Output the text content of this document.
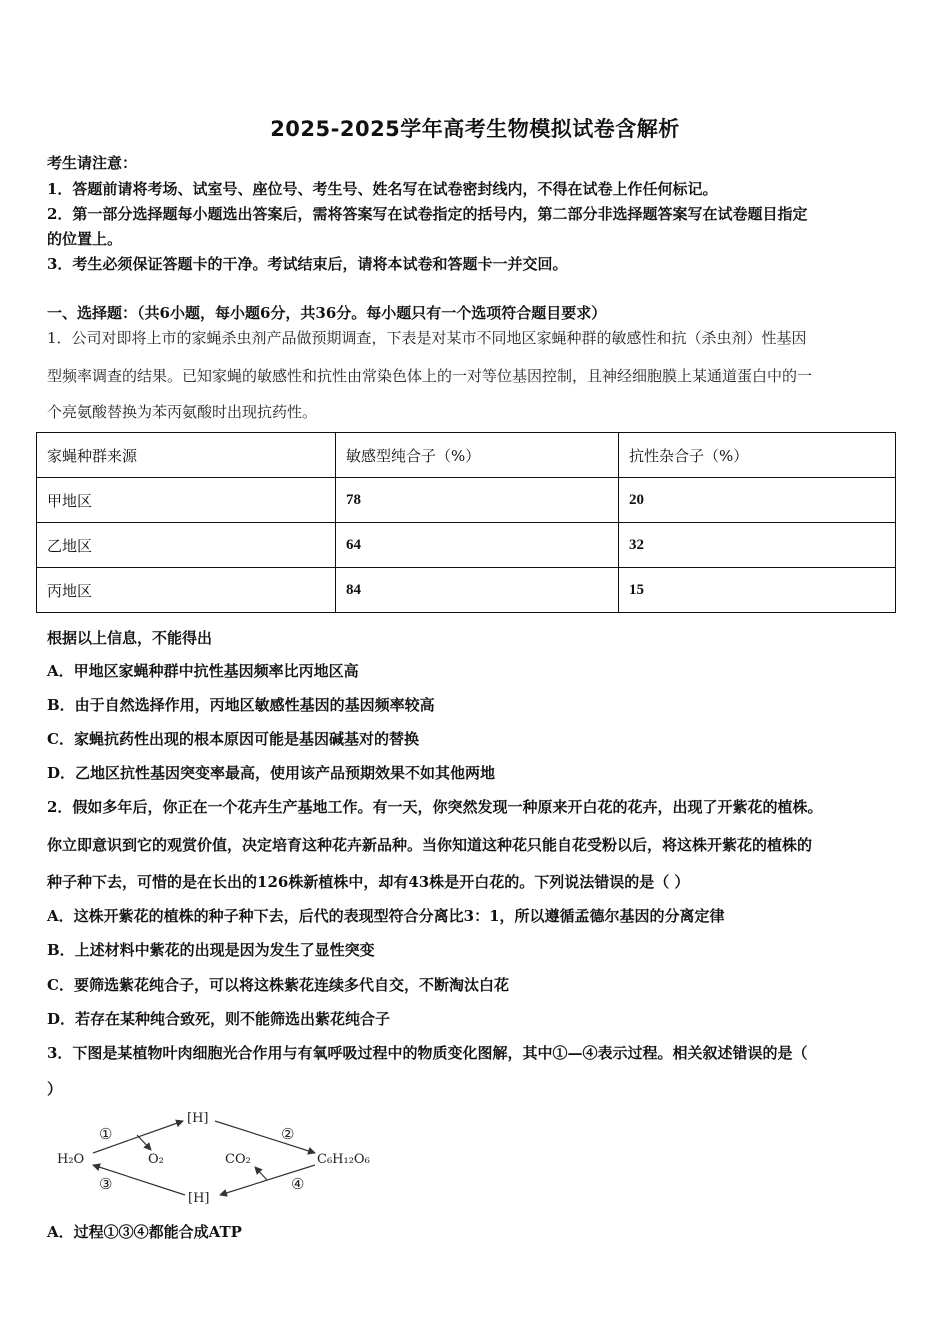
2025-2025学年高考生物模拟试卷含解析
考生请注意：
1．答题前请将考场、试室号、座位号、考生号、姓名写在试卷密封线内，不得在试卷上作任何标记。
2．第一部分选择题每小题选出答案后，需将答案写在试卷指定的括号内，第二部分非选择题答案写在试卷题目指定
的位置上。
3．考生必须保证答题卡的干净。考试结束后，请将本试卷和答题卡一并交回。
一、选择题：（共6小题，每小题6分，共36分。每小题只有一个选项符合题目要求）
1．公司对即将上市的家蝇杀虫剂产品做预期调查，下表是对某市不同地区家蝇种群的敏感性和抗（杀虫剂）性基因
型频率调查的结果。已知家蝇的敏感性和抗性由常染色体上的一对等位基因控制，且神经细胞膜上某通道蛋白中的一
个亮氨酸替换为苯丙氨酸时出现抗药性。
家蝇种群来源	敏感型纯合子（%）	抗性杂合子（%）
甲地区	78	20
乙地区	64	32
丙地区	84	15
根据以上信息，不能得出
A．甲地区家蝇种群中抗性基因频率比丙地区高
B．由于自然选择作用，丙地区敏感性基因的基因频率较高
C．家蝇抗药性出现的根本原因可能是基因碱基对的替换
D．乙地区抗性基因突变率最高，使用该产品预期效果不如其他两地
2．假如多年后，你正在一个花卉生产基地工作。有一天，你突然发现一种原来开白花的花卉，出现了开紫花的植株。
你立即意识到它的观赏价值，决定培育这种花卉新品种。当你知道这种花只能自花受粉以后，将这株开紫花的植株的
种子种下去，可惜的是在长出的126株新植株中，却有43株是开白花的。下列说法错误的是（ ）
A．这株开紫花的植株的种子种下去，后代的表现型符合分离比3：1，所以遵循孟德尔基因的分离定律
B．上述材料中紫花的出现是因为发生了显性突变
C．要筛选紫花纯合子，可以将这株紫花连续多代自交，不断淘汰白花
D．若存在某种纯合致死，则不能筛选出紫花纯合子
3．下图是某植物叶肉细胞光合作用与有氧呼吸过程中的物质变化图解，其中①—④表示过程。相关叙述错误的是（
）
H₂O
[H]
O₂	CO₂	C₆H₁₂O₆
[H]
①	②
③	④
A．过程①③④都能合成ATP
